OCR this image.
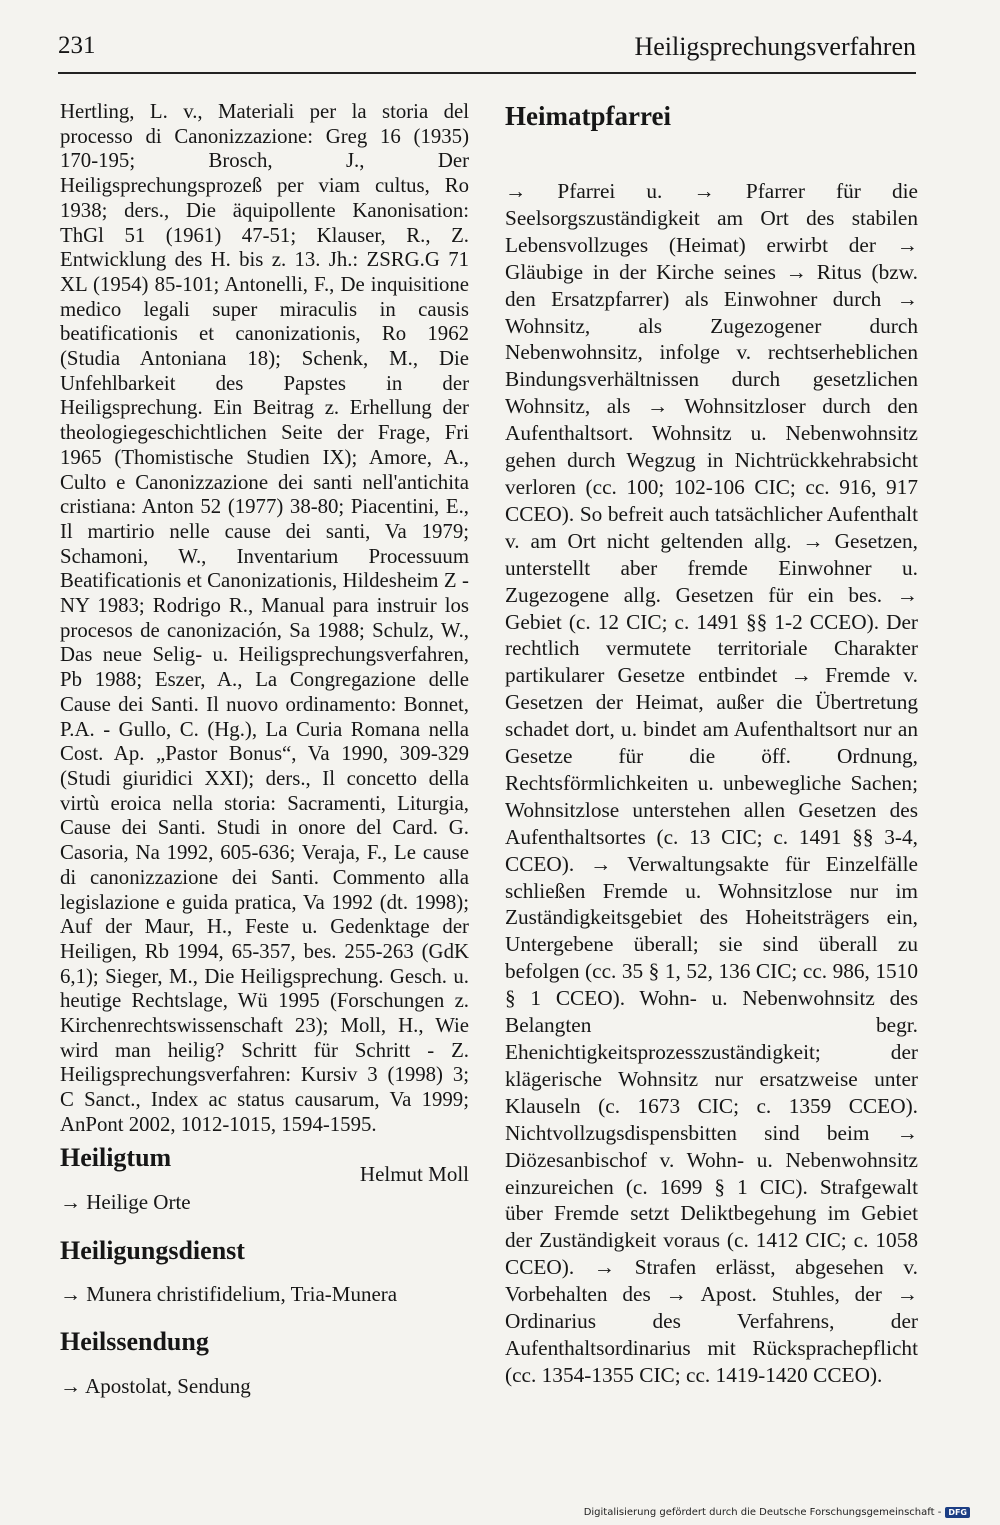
231	Heiligsprechungsverfahren

Hertling, L. v., Materiali per la storia del processo di Canonizzazione: Greg 16 (1935) 170-195; Brosch, J., Der Heiligsprechungsprozeß per viam cultus, Ro 1938; ders., Die äquipollente Kanonisation: ThGl 51 (1961) 47-51; Klauser, R., Z. Entwicklung des H. bis z. 13. Jh.: ZSRG.G 71 XL (1954) 85-101; Antonelli, F., De inquisitione medico legali super miraculis in causis beatificationis et canonizationis, Ro 1962 (Studia Antoniana 18); Schenk, M., Die Unfehlbarkeit des Papstes in der Heiligsprechung. Ein Beitrag z. Erhellung der theologiegeschichtlichen Seite der Frage, Fri 1965 (Thomistische Studien IX); Amore, A., Culto e Canonizzazione dei santi nell'antichita cristiana: Anton 52 (1977) 38-80; Piacentini, E., Il martirio nelle cause dei santi, Va 1979; Schamoni, W., Inventarium Processuum Beatificationis et Canonizationis, Hildesheim Z - NY 1983; Rodrigo R., Manual para instruir los procesos de canonización, Sa 1988; Schulz, W., Das neue Selig- u. Heiligsprechungsverfahren, Pb 1988; Eszer, A., La Congregazione delle Cause dei Santi. Il nuovo ordinamento: Bonnet, P.A. - Gullo, C. (Hg.), La Curia Romana nella Cost. Ap. „Pastor Bonus“, Va 1990, 309-329 (Studi giuridici XXI); ders., Il concetto della virtù eroica nella storia: Sacramenti, Liturgia, Cause dei Santi. Studi in onore del Card. G. Casoria, Na 1992, 605-636; Veraja, F., Le cause di canonizzazione dei Santi. Commento alla legislazione e guida pratica, Va 1992 (dt. 1998); Auf der Maur, H., Feste u. Gedenktage der Heiligen, Rb 1994, 65-357, bes. 255-263 (GdK 6,1); Sieger, M., Die Heiligsprechung. Gesch. u. heutige Rechtslage, Wü 1995 (Forschungen z. Kirchenrechtswissenschaft 23); Moll, H., Wie wird man heilig? Schritt für Schritt - Z. Heiligsprechungsverfahren: Kursiv 3 (1998) 3; C Sanct., Index ac status causarum, Va 1999; AnPont 2002, 1012-1015, 1594-1595.

Helmut Moll

Heiligtum

→ Heilige Orte

Heiligungsdienst

→ Munera christifidelium, Tria-Munera

Heilssendung

→ Apostolat, Sendung

Heimatpfarrei

→ Pfarrei u. → Pfarrer für die Seelsorgszuständigkeit am Ort des stabilen Lebensvollzuges (Heimat) erwirbt der → Gläubige in der Kirche seines → Ritus (bzw. den Ersatzpfarrer) als Einwohner durch → Wohnsitz, als Zugezogener durch Nebenwohnsitz, infolge v. rechtserheblichen Bindungsverhältnissen durch gesetzlichen Wohnsitz, als → Wohnsitzloser durch den Aufenthaltsort. Wohnsitz u. Nebenwohnsitz gehen durch Wegzug in Nichtrückkehrabsicht verloren (cc. 100; 102-106 CIC; cc. 916, 917 CCEO). So befreit auch tatsächlicher Aufenthalt v. am Ort nicht geltenden allg. → Gesetzen, unterstellt aber fremde Einwohner u. Zugezogene allg. Gesetzen für ein bes. → Gebiet (c. 12 CIC; c. 1491 §§ 1-2 CCEO). Der rechtlich vermutete territoriale Charakter partikularer Gesetze entbindet → Fremde v. Gesetzen der Heimat, außer die Übertretung schadet dort, u. bindet am Aufenthaltsort nur an Gesetze für die öff. Ordnung, Rechtsförmlichkeiten u. unbewegliche Sachen; Wohnsitzlose unterstehen allen Gesetzen des Aufenthaltsortes (c. 13 CIC; c. 1491 §§ 3-4, CCEO). → Verwaltungsakte für Einzelfälle schließen Fremde u. Wohnsitzlose nur im Zuständigkeitsgebiet des Hoheitsträgers ein, Untergebene überall; sie sind überall zu befolgen (cc. 35 § 1, 52, 136 CIC; cc. 986, 1510 § 1 CCEO). Wohn- u. Nebenwohnsitz des Belangten begr. Ehenichtigkeitsprozesszuständigkeit; der klägerische Wohnsitz nur ersatzweise unter Klauseln (c. 1673 CIC; c. 1359 CCEO). Nichtvollzugsdispensbitten sind beim → Diözesanbischof v. Wohn- u. Nebenwohnsitz einzureichen (c. 1699 § 1 CIC). Strafgewalt über Fremde setzt Deliktbegehung im Gebiet der Zuständigkeit voraus (c. 1412 CIC; c. 1058 CCEO). → Strafen erlässt, abgesehen v. Vorbehalten des → Apost. Stuhles, der → Ordinarius des Verfahrens, der Aufenthaltsordinarius mit Rücksprachepflicht (cc. 1354-1355 CIC; cc. 1419-1420 CCEO).

Digitalisierung gefördert durch die Deutsche Forschungsgemeinschaft - DFG
